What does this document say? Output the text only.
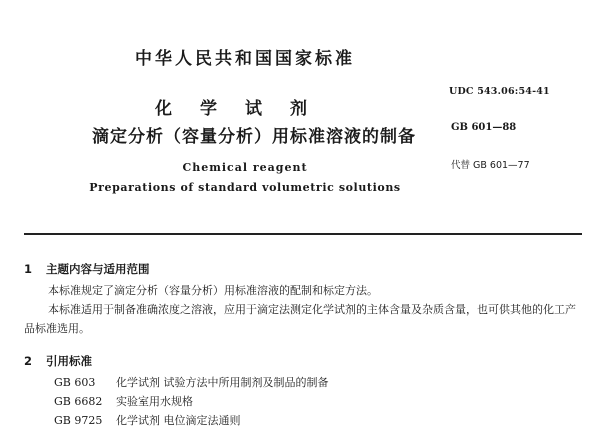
中华人民共和国国家标准
化学试剂
滴定分析（容量分析）用标准溶液的制备
Chemical reagent
Preparations of standard volumetric solutions
UDC 543.06:54-41
GB 601—88
代替 GB 601—77
1 主题内容与适用范围
本标准规定了滴定分析（容量分析）用标准溶液的配制和标定方法。
本标准适用于制备准确浓度之溶液，应用于滴定法测定化学试剂的主体含量及杂质含量，也可供其他的化工产品标准选用。
2 引用标准
GB 603 化学试剂 试验方法中所用制剂及制品的制备
GB 6682 实验室用水规格
GB 9725 化学试剂 电位滴定法通则
